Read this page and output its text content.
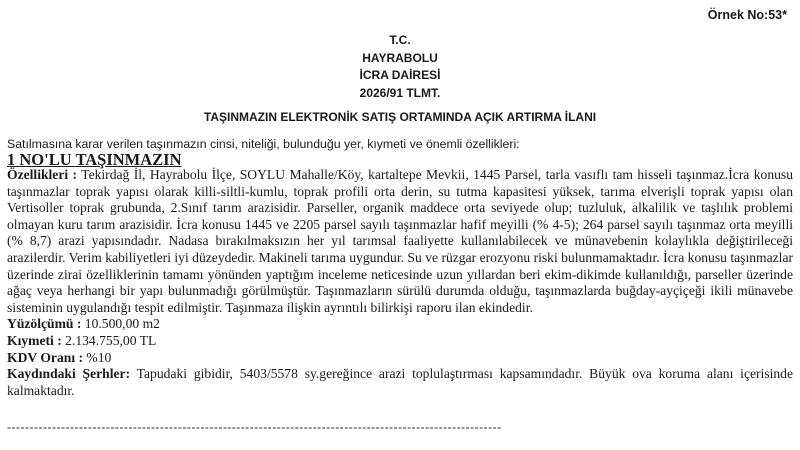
Örnek No:53*
T.C.
HAYRABOLU
İCRA DAİRESİ
2026/91 TLMT.
TAŞINMAZIN ELEKTRONİK SATIŞ ORTAMINDA AÇIK ARTIRMA İLANI
Satılmasına karar verilen taşınmazın cinsi, niteliği, bulunduğu yer, kıymeti ve önemli özellikleri:
1 NO'LU TAŞINMAZIN

Özellikleri : Tekirdağ İl, Hayrabolu İlçe, SOYLU Mahalle/Köy, kartaltepe Mevkii, 1445 Parsel, tarla vasıflı tam hisseli taşınmaz.İcra konusu taşınmazlar toprak yapısı olarak killi-siltli-kumlu, toprak profili orta derin, su tutma kapasitesi yüksek, tarıma elverişli toprak yapısı olan Vertisoller toprak grubunda, 2.Sınıf tarım arazisidir. Parseller, organik maddece orta seviyede olup; tuzluluk, alkalilik ve taşlılık problemi olmayan kuru tarım arazisidir. İcra konusu 1445 ve 2205 parsel sayılı taşınmazlar hafif meyilli (% 4-5); 264 parsel sayılı taşınmaz orta meyilli (% 8,7) arazi yapısındadır. Nadasa bırakılmaksızın her yıl tarımsal faaliyette kullanılabilecek ve münavebenin kolaylıkla değiştirileceği arazilerdir. Verim kabiliyetleri iyi düzeydedir. Makineli tarıma uygundur. Su ve rüzgar erozyonu riski bulunmamaktadır. İcra konusu taşınmazlar üzerinde zirai özelliklerinin tamamı yönünden yaptığım inceleme neticesinde uzun yıllardan beri ekim-dikimde kullanıldığı, parseller üzerinde ağaç veya herhangi bir yapı bulunmadığı görülmüştür. Taşınmazların sürülü durumda olduğu, taşınmazlarda buğday-ayçiçeği ikili münavebe sisteminin uygulandığı tespit edilmiştir. Taşınmaza ilişkin ayrıntılı bilirkişi raporu ilan ekindedir.

Yüzölçümü : 10.500,00 m2

Kıymeti : 2.134.755,00 TL

KDV Oranı : %10

Kaydındaki Şerhler: Tapudaki gibidir, 5403/5578 sy.gereğince arazi toplulaştırması kapsamındadır. Büyük ova koruma alanı içerisinde kalmaktadır.

--------------------------------------------------------------------------------------------------------------
